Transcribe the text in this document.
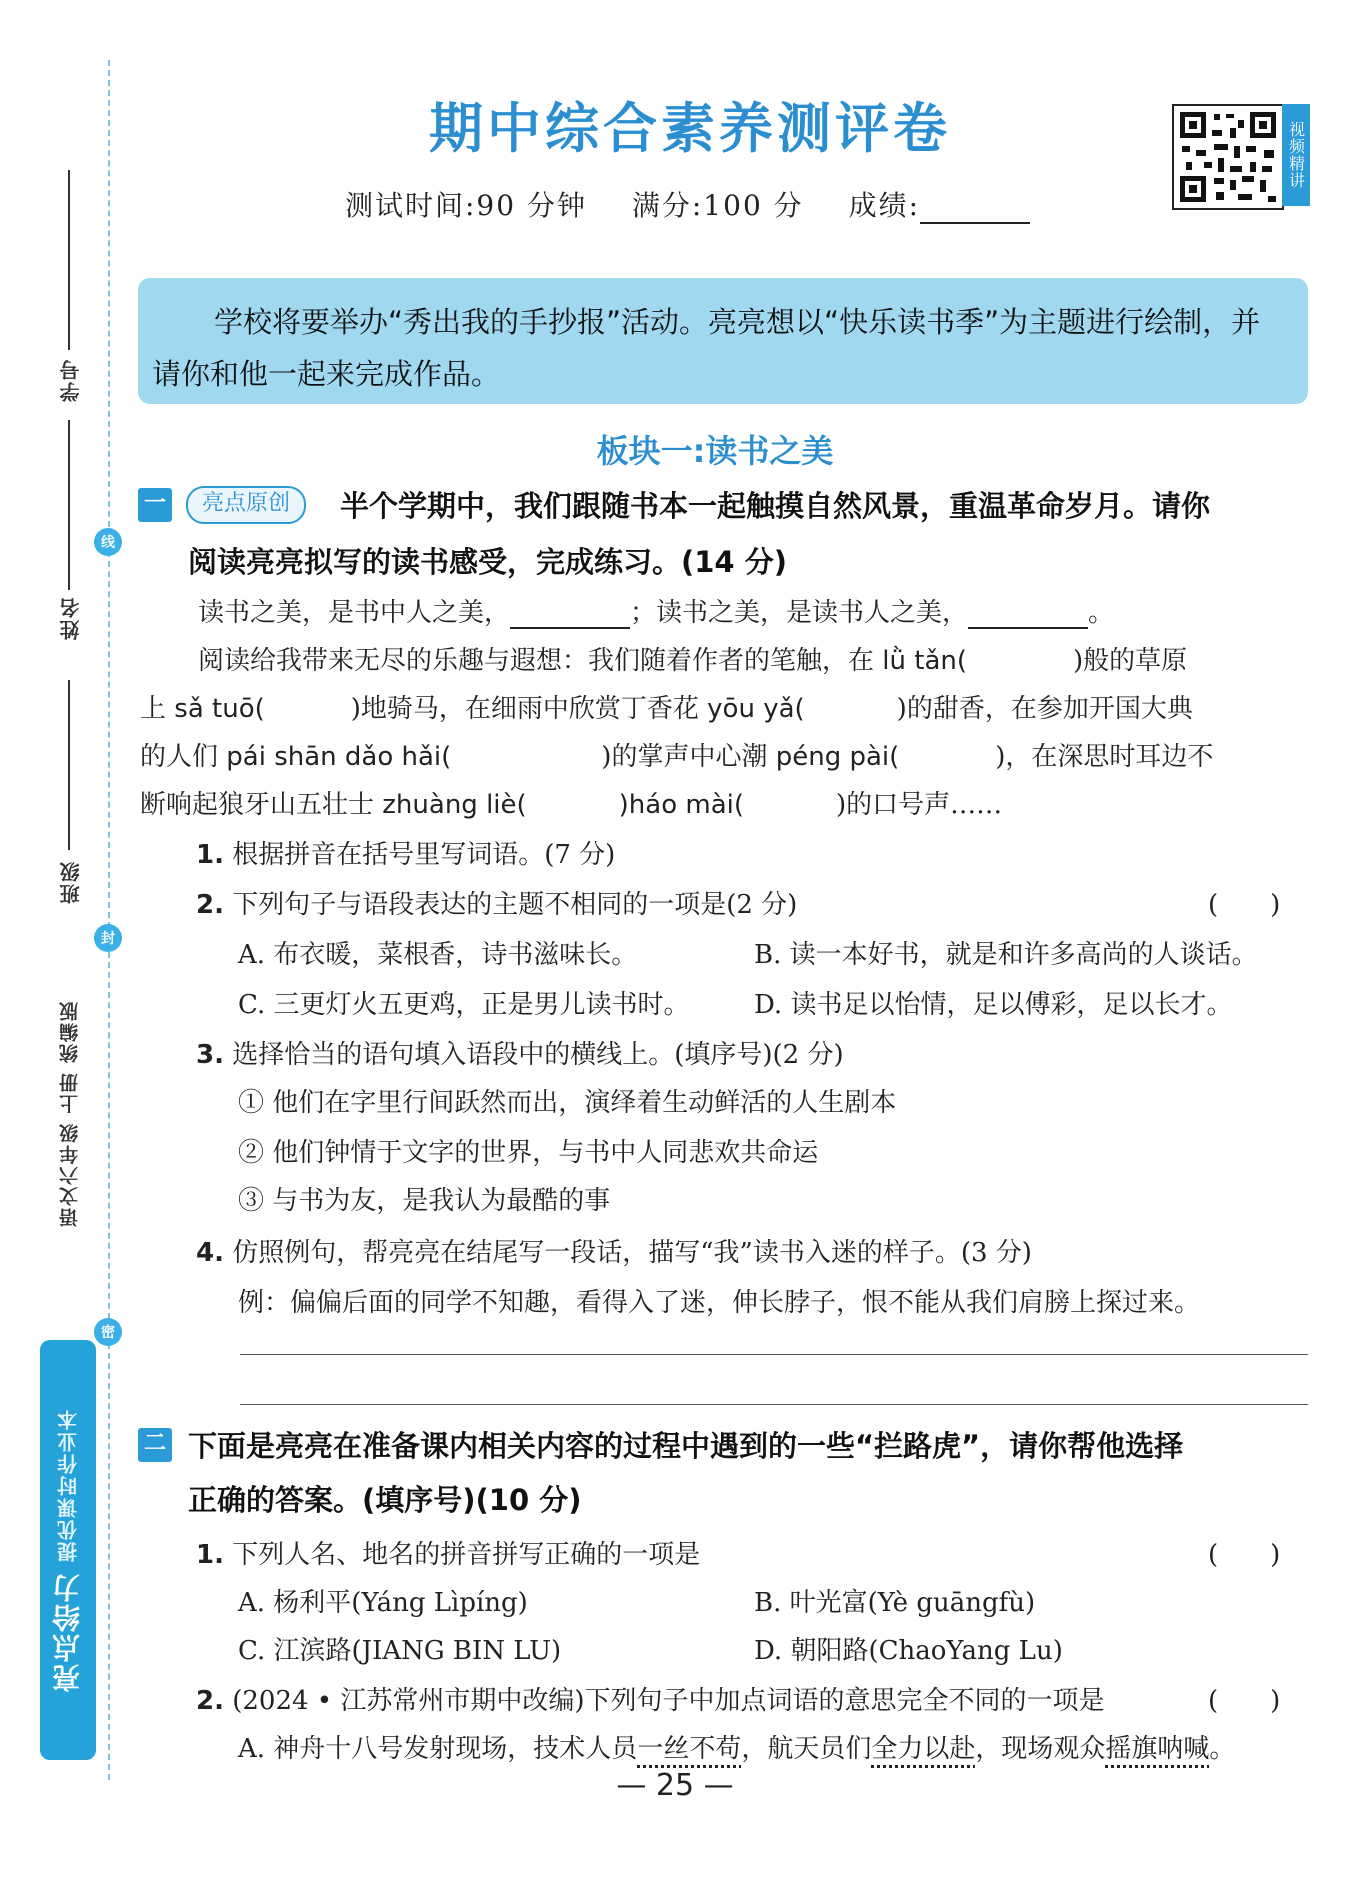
学号
姓名
班级
语文六年级 上册 统编版
线
封
密
亮点给力
提优课时作业本
期中综合素养测评卷	视频精讲
测试时间:90 分钟 满分:100 分 成绩:
学校将要举办“秀出我的手抄报”活动。亮亮想以“快乐读书季”为主题进行绘制，并请你和他一起来完成作品。
板块一:读书之美
一	亮点原创	半个学期中，我们跟随书本一起触摸自然风景，重温革命岁月。请你
阅读亮亮拟写的读书感受，完成练习。(14 分)
读书之美，是书中人之美，	；读书之美，是读书人之美，	。
阅读给我带来无尽的乐趣与遐想：我们随着作者的笔触，在 lǜ tǎn(	)般的草原
上 sǎ tuō(	)地骑马，在细雨中欣赏丁香花 yōu yǎ(	)的甜香，在参加开国大典
的人们 pái shān dǎo hǎi(	)的掌声中心潮 péng pài(	)，在深思时耳边不
断响起狼牙山五壮士 zhuàng liè(	)háo mài(	)的口号声……
1. 根据拼音在括号里写词语。(7 分)
2. 下列句子与语段表达的主题不相同的一项是(2 分)	(　　)
A. 布衣暖，菜根香，诗书滋味长。	B. 读一本好书，就是和许多高尚的人谈话。
C. 三更灯火五更鸡，正是男儿读书时。 D. 读书足以怡情，足以傅彩，足以长才。
3. 选择恰当的语句填入语段中的横线上。(填序号)(2 分)
① 他们在字里行间跃然而出，演绎着生动鲜活的人生剧本
② 他们钟情于文字的世界，与书中人同悲欢共命运
③ 与书为友，是我认为最酷的事
4. 仿照例句，帮亮亮在结尾写一段话，描写“我”读书入迷的样子。(3 分)
例：偏偏后面的同学不知趣，看得入了迷，伸长脖子，恨不能从我们肩膀上探过来。
二 下面是亮亮在准备课内相关内容的过程中遇到的一些“拦路虎”，请你帮他选择
正确的答案。(填序号)(10 分)
1. 下列人名、地名的拼音拼写正确的一项是	(　　)
A. 杨利平(Yáng Lìpíng)	B. 叶光富(Yè guāngfù)
C. 江滨路(JIANG BIN LU)	D. 朝阳路(ChaoYang Lu)
2. (2024 • 江苏常州市期中改编)下列句子中加点词语的意思完全不同的一项是	(　　)
A. 神舟十八号发射现场，技术人员一丝不苟，航天员们全力以赴，现场观众摇旗呐喊。
— 25 —
